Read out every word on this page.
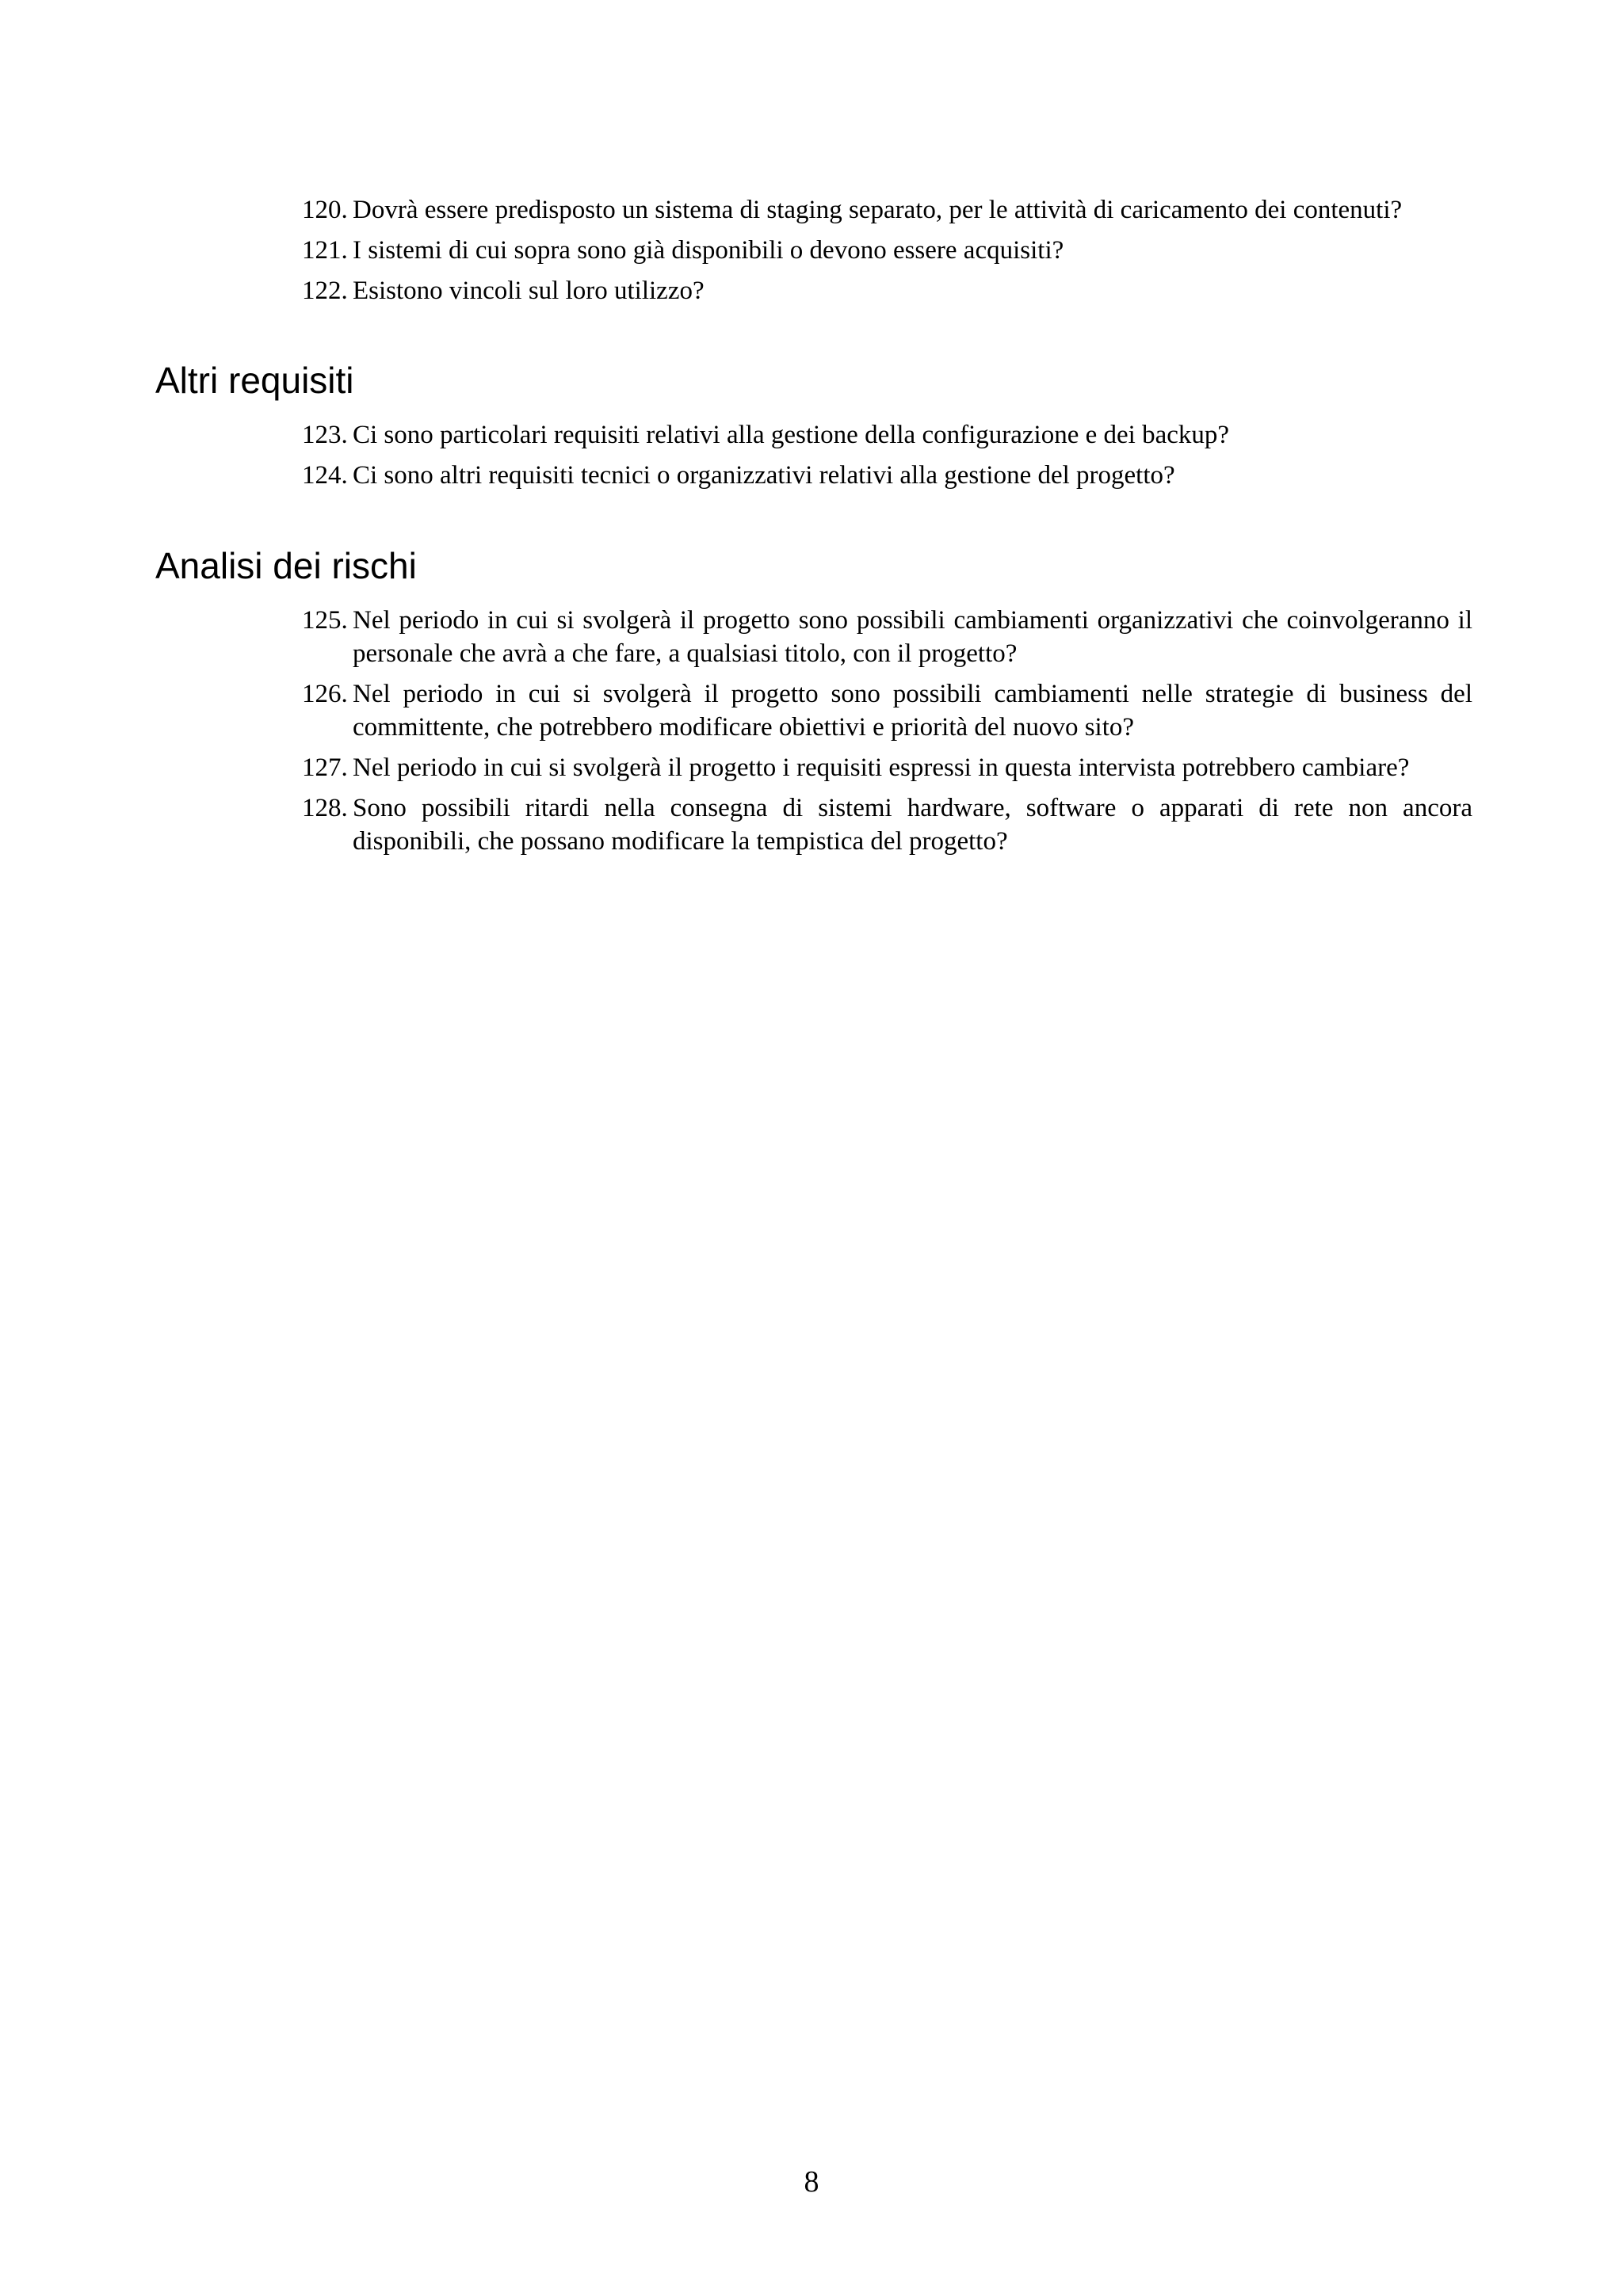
120. Dovrà essere predisposto un sistema di staging separato, per le attività di caricamento dei contenuti?
121. I sistemi di cui sopra sono già disponibili o devono essere acquisiti?
122. Esistono vincoli sul loro utilizzo?
Altri requisiti
123. Ci sono particolari requisiti relativi alla gestione della configurazione e dei backup?
124. Ci sono altri requisiti tecnici o organizzativi relativi alla gestione del progetto?
Analisi dei rischi
125. Nel periodo in cui si svolgerà il progetto sono possibili cambiamenti organizzativi che coinvolgeranno il personale che avrà a che fare, a qualsiasi titolo, con il progetto?
126. Nel periodo in cui si svolgerà il progetto sono possibili cambiamenti nelle strategie di business del committente, che potrebbero modificare obiettivi e priorità del nuovo sito?
127. Nel periodo in cui si svolgerà il progetto i requisiti espressi in questa intervista potrebbero cambiare?
128. Sono possibili ritardi nella consegna di sistemi hardware, software o apparati di rete non ancora disponibili, che possano modificare la tempistica del progetto?
8
